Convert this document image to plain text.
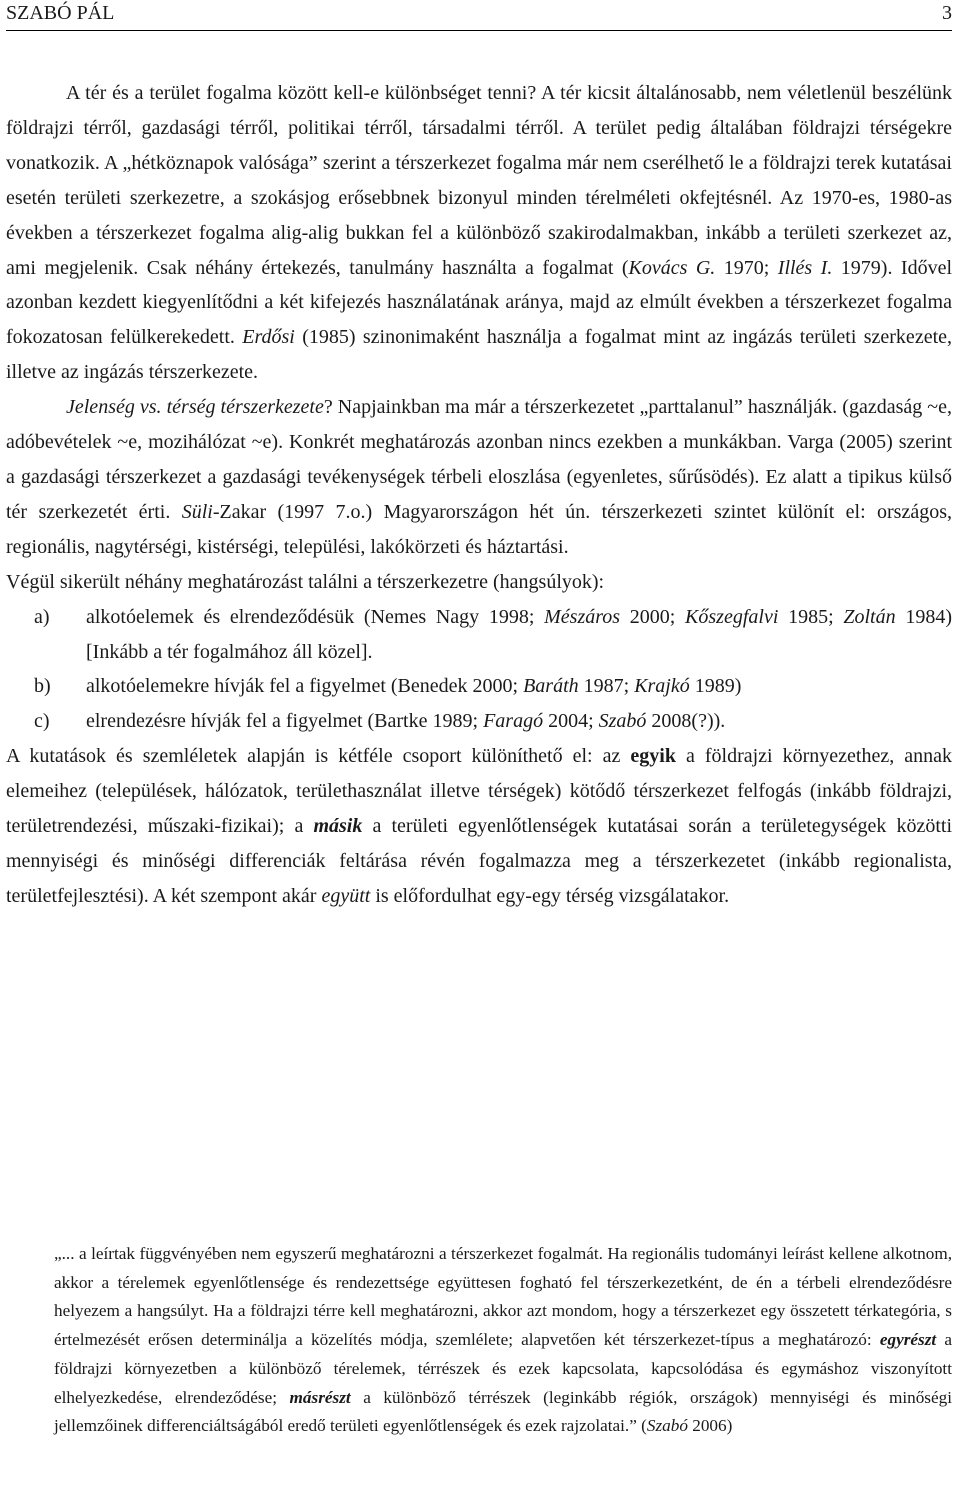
SZABÓ PÁL	3

A tér és a terület fogalma között kell-e különbséget tenni? A tér kicsit általánosabb, nem véletlenül beszélünk földrajzi térről, gazdasági térről, politikai térről, társadalmi térről. A terület pedig általában földrajzi térségekre vonatkozik. A „hétköznapok valósága” szerint a térszerkezet fogalma már nem cserélhető le a földrajzi terek kutatásai esetén területi szerkezetre, a szokásjog erősebbnek bizonyul minden térelméleti okfejtésnél. Az 1970-es, 1980-as években a térszerkezet fogalma alig-alig bukkan fel a különböző szakirodalmakban, inkább a területi szerkezet az, ami megjelenik. Csak néhány értekezés, tanulmány használta a fogalmat (Kovács G. 1970; Illés I. 1979). Idővel azonban kezdett kiegyenlítődni a két kifejezés használatának aránya, majd az elmúlt években a térszerkezet fogalma fokozatosan felülkerekedett. Erdősi (1985) szinonimaként használja a fogalmat mint az ingázás területi szerkezete, illetve az ingázás térszerkezete.

Jelenség vs. térség térszerkezete? Napjainkban ma már a térszerkezetet „parttalanul” használják. (gazdaság ~e, adóbevételek ~e, mozihálózat ~e). Konkrét meghatározás azonban nincs ezekben a munkákban. Varga (2005) szerint a gazdasági térszerkezet a gazdasági tevékenységek térbeli eloszlása (egyenletes, sűrűsödés). Ez alatt a tipikus külső tér szerkezetét érti. Süli-Zakar (1997 7.o.) Magyarországon hét ún. térszerkezeti szintet különít el: országos, regionális, nagytérségi, kistérségi, települési, lakókörzeti és háztartási.

Végül sikerült néhány meghatározást találni a térszerkezetre (hangsúlyok):

a) alkotóelemek és elrendeződésük (Nemes Nagy 1998; Mészáros 2000; Kőszegfalvi 1985; Zoltán 1984) [Inkább a tér fogalmához áll közel].
b) alkotóelemekre hívják fel a figyelmet (Benedek 2000; Baráth 1987; Krajkó 1989)
c) elrendezésre hívják fel a figyelmet (Bartke 1989; Faragó 2004; Szabó 2008(?)).

A kutatások és szemléletek alapján is kétféle csoport különíthető el: az egyik a földrajzi környezethez, annak elemeihez (települések, hálózatok, területhasználat illetve térségek) kötődő térszerkezet felfogás (inkább földrajzi, területrendezési, műszaki-fizikai); a másik a területi egyenlőtlenségek kutatásai során a területegységek közötti mennyiségi és minőségi differenciák feltárása révén fogalmazza meg a térszerkezetet (inkább regionalista, területfejlesztési). A két szempont akár együtt is előfordulhat egy-egy térség vizsgálatakor.

„... a leírtak függvényében nem egyszerű meghatározni a térszerkezet fogalmát. Ha regionális tudományi leírást kellene alkotnom, akkor a térelemek egyenlőtlensége és rendezettsége együttesen fogható fel térszerkezetként, de én a térbeli elrendeződésre helyezem a hangsúlyt. Ha a földrajzi térre kell meghatározni, akkor azt mondom, hogy a térszerkezet egy összetett térkategória, s értelmezését erősen determinálja a közelítés módja, szemlélete; alapvetően két térszerkezet-típus a meghatározó: egyrészt a földrajzi környezetben a különböző térelemek, térrészek és ezek kapcsolata, kapcsolódása és egymáshoz viszonyított elhelyezkedése, elrendeződése; másrészt a különböző térrészek (leginkább régiók, országok) mennyiségi és minőségi jellemzőinek differenciáltságából eredő területi egyenlőtlenségek és ezek rajzolatai.” (Szabó 2006)
